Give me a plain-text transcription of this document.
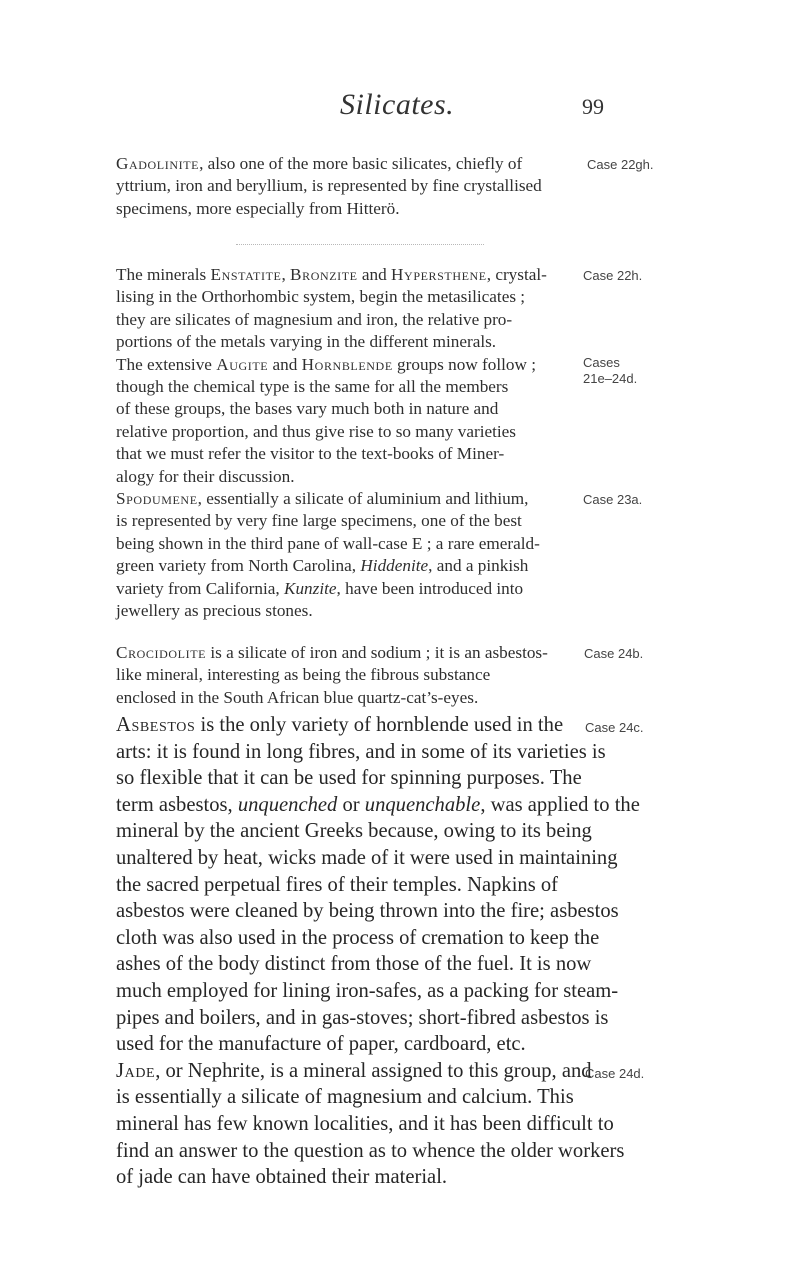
Silicates.	99
Gadolinite, also one of the more basic silicates, chiefly of
yttrium, iron and beryllium, is represented by fine crystallised
specimens, more especially from Hitterö.
Case 22gh.
The minerals Enstatite, Bronzite and Hypersthene, crystal-
lising in the Orthorhombic system, begin the metasilicates ;
they are silicates of magnesium and iron, the relative pro-
portions of the metals varying in the different minerals.
Case 22h.
The extensive Augite and Hornblende groups now follow ;
though the chemical type is the same for all the members
of these groups, the bases vary much both in nature and
relative proportion, and thus give rise to so many varieties
that we must refer the visitor to the text-books of Miner-
alogy for their discussion.
Cases
21e–24d.
Spodumene, essentially a silicate of aluminium and lithium,
is represented by very fine large specimens, one of the best
being shown in the third pane of wall-case E ; a rare emerald-
green variety from North Carolina, Hiddenite, and a pinkish
variety from California, Kunzite, have been introduced into
jewellery as precious stones.
Case 23a.
Crocidolite is a silicate of iron and sodium ; it is an asbestos-
like mineral, interesting as being the fibrous substance
enclosed in the South African blue quartz-cat’s-eyes.
Case 24b.
Asbestos is the only variety of hornblende used in the
arts: it is found in long fibres, and in some of its varieties is
so flexible that it can be used for spinning purposes. The
term asbestos, unquenched or unquenchable, was applied to the
mineral by the ancient Greeks because, owing to its being
unaltered by heat, wicks made of it were used in maintaining
the sacred perpetual fires of their temples. Napkins of
asbestos were cleaned by being thrown into the fire; asbestos
cloth was also used in the process of cremation to keep the
ashes of the body distinct from those of the fuel. It is now
much employed for lining iron-safes, as a packing for steam-
pipes and boilers, and in gas-stoves; short-fibred asbestos is
used for the manufacture of paper, cardboard, etc.
Case 24c.
Jade, or Nephrite, is a mineral assigned to this group, and
is essentially a silicate of magnesium and calcium. This
mineral has few known localities, and it has been difficult to
find an answer to the question as to whence the older workers
of jade can have obtained their material.
Case 24d.
